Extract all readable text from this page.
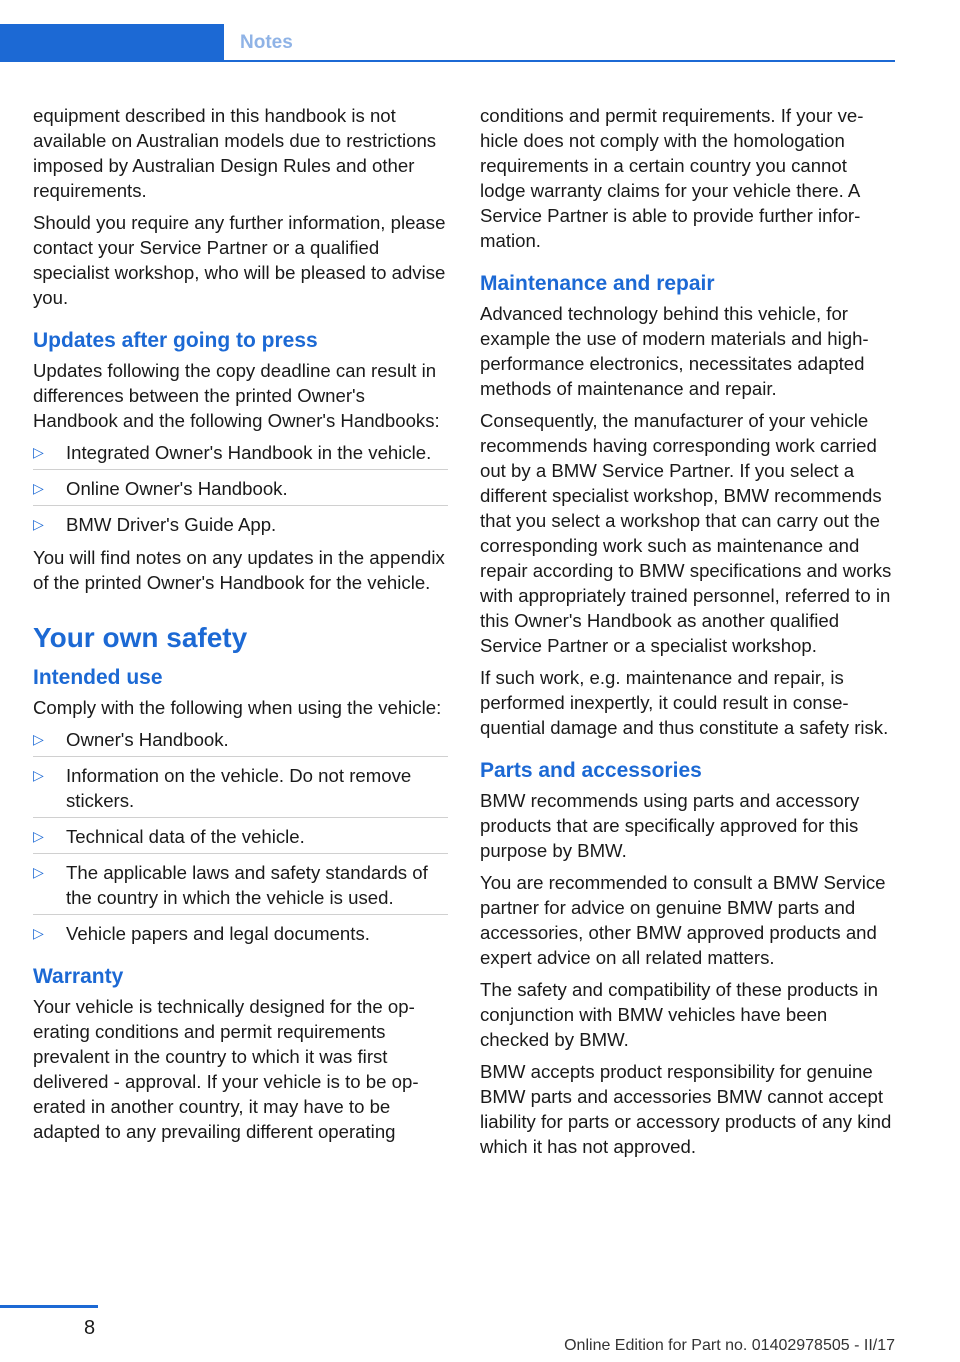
Notes

equipment described in this handbook is not available on Australian models due to restrictions imposed by Australian Design Rules and other requirements.

Should you require any further information, please contact your Service Partner or a qualified specialist workshop, who will be pleased to advise you.

Updates after going to press

Updates following the copy deadline can result in differences between the printed Owner's Handbook and the following Owner's Handbooks:

▷ Integrated Owner's Handbook in the vehicle.
▷ Online Owner's Handbook.
▷ BMW Driver's Guide App.

You will find notes on any updates in the appendix of the printed Owner's Handbook for the vehicle.

Your own safety
Intended use

Comply with the following when using the vehicle:

▷ Owner's Handbook.
▷ Information on the vehicle. Do not remove stickers.
▷ Technical data of the vehicle.
▷ The applicable laws and safety standards of the country in which the vehicle is used.
▷ Vehicle papers and legal documents.
Warranty

Your vehicle is technically designed for the operating conditions and permit requirements prevalent in the country to which it was first delivered - approval. If your vehicle is to be operated in another country, it may have to be adapted to any prevailing different operating

conditions and permit requirements. If your vehicle does not comply with the homologation requirements in a certain country you cannot lodge warranty claims for your vehicle there. A Service Partner is able to provide further information.

Maintenance and repair

Advanced technology behind this vehicle, for example the use of modern materials and high-performance electronics, necessitates adapted methods of maintenance and repair.

Consequently, the manufacturer of your vehicle recommends having corresponding work carried out by a BMW Service Partner. If you select a different specialist workshop, BMW recommends that you select a workshop that can carry out the corresponding work such as maintenance and repair according to BMW specifications and works with appropriately trained personnel, referred to in this Owner's Handbook as another qualified Service Partner or a specialist workshop.

If such work, e.g. maintenance and repair, is performed inexpertly, it could result in consequential damage and thus constitute a safety risk.

Parts and accessories

BMW recommends using parts and accessory products that are specifically approved for this purpose by BMW.

You are recommended to consult a BMW Service partner for advice on genuine BMW parts and accessories, other BMW approved products and expert advice on all related matters.

The safety and compatibility of these products in conjunction with BMW vehicles have been checked by BMW.

BMW accepts product responsibility for genuine BMW parts and accessories BMW cannot accept liability for parts or accessory products of any kind which it has not approved.

8
Online Edition for Part no. 01402978505 - II/17
